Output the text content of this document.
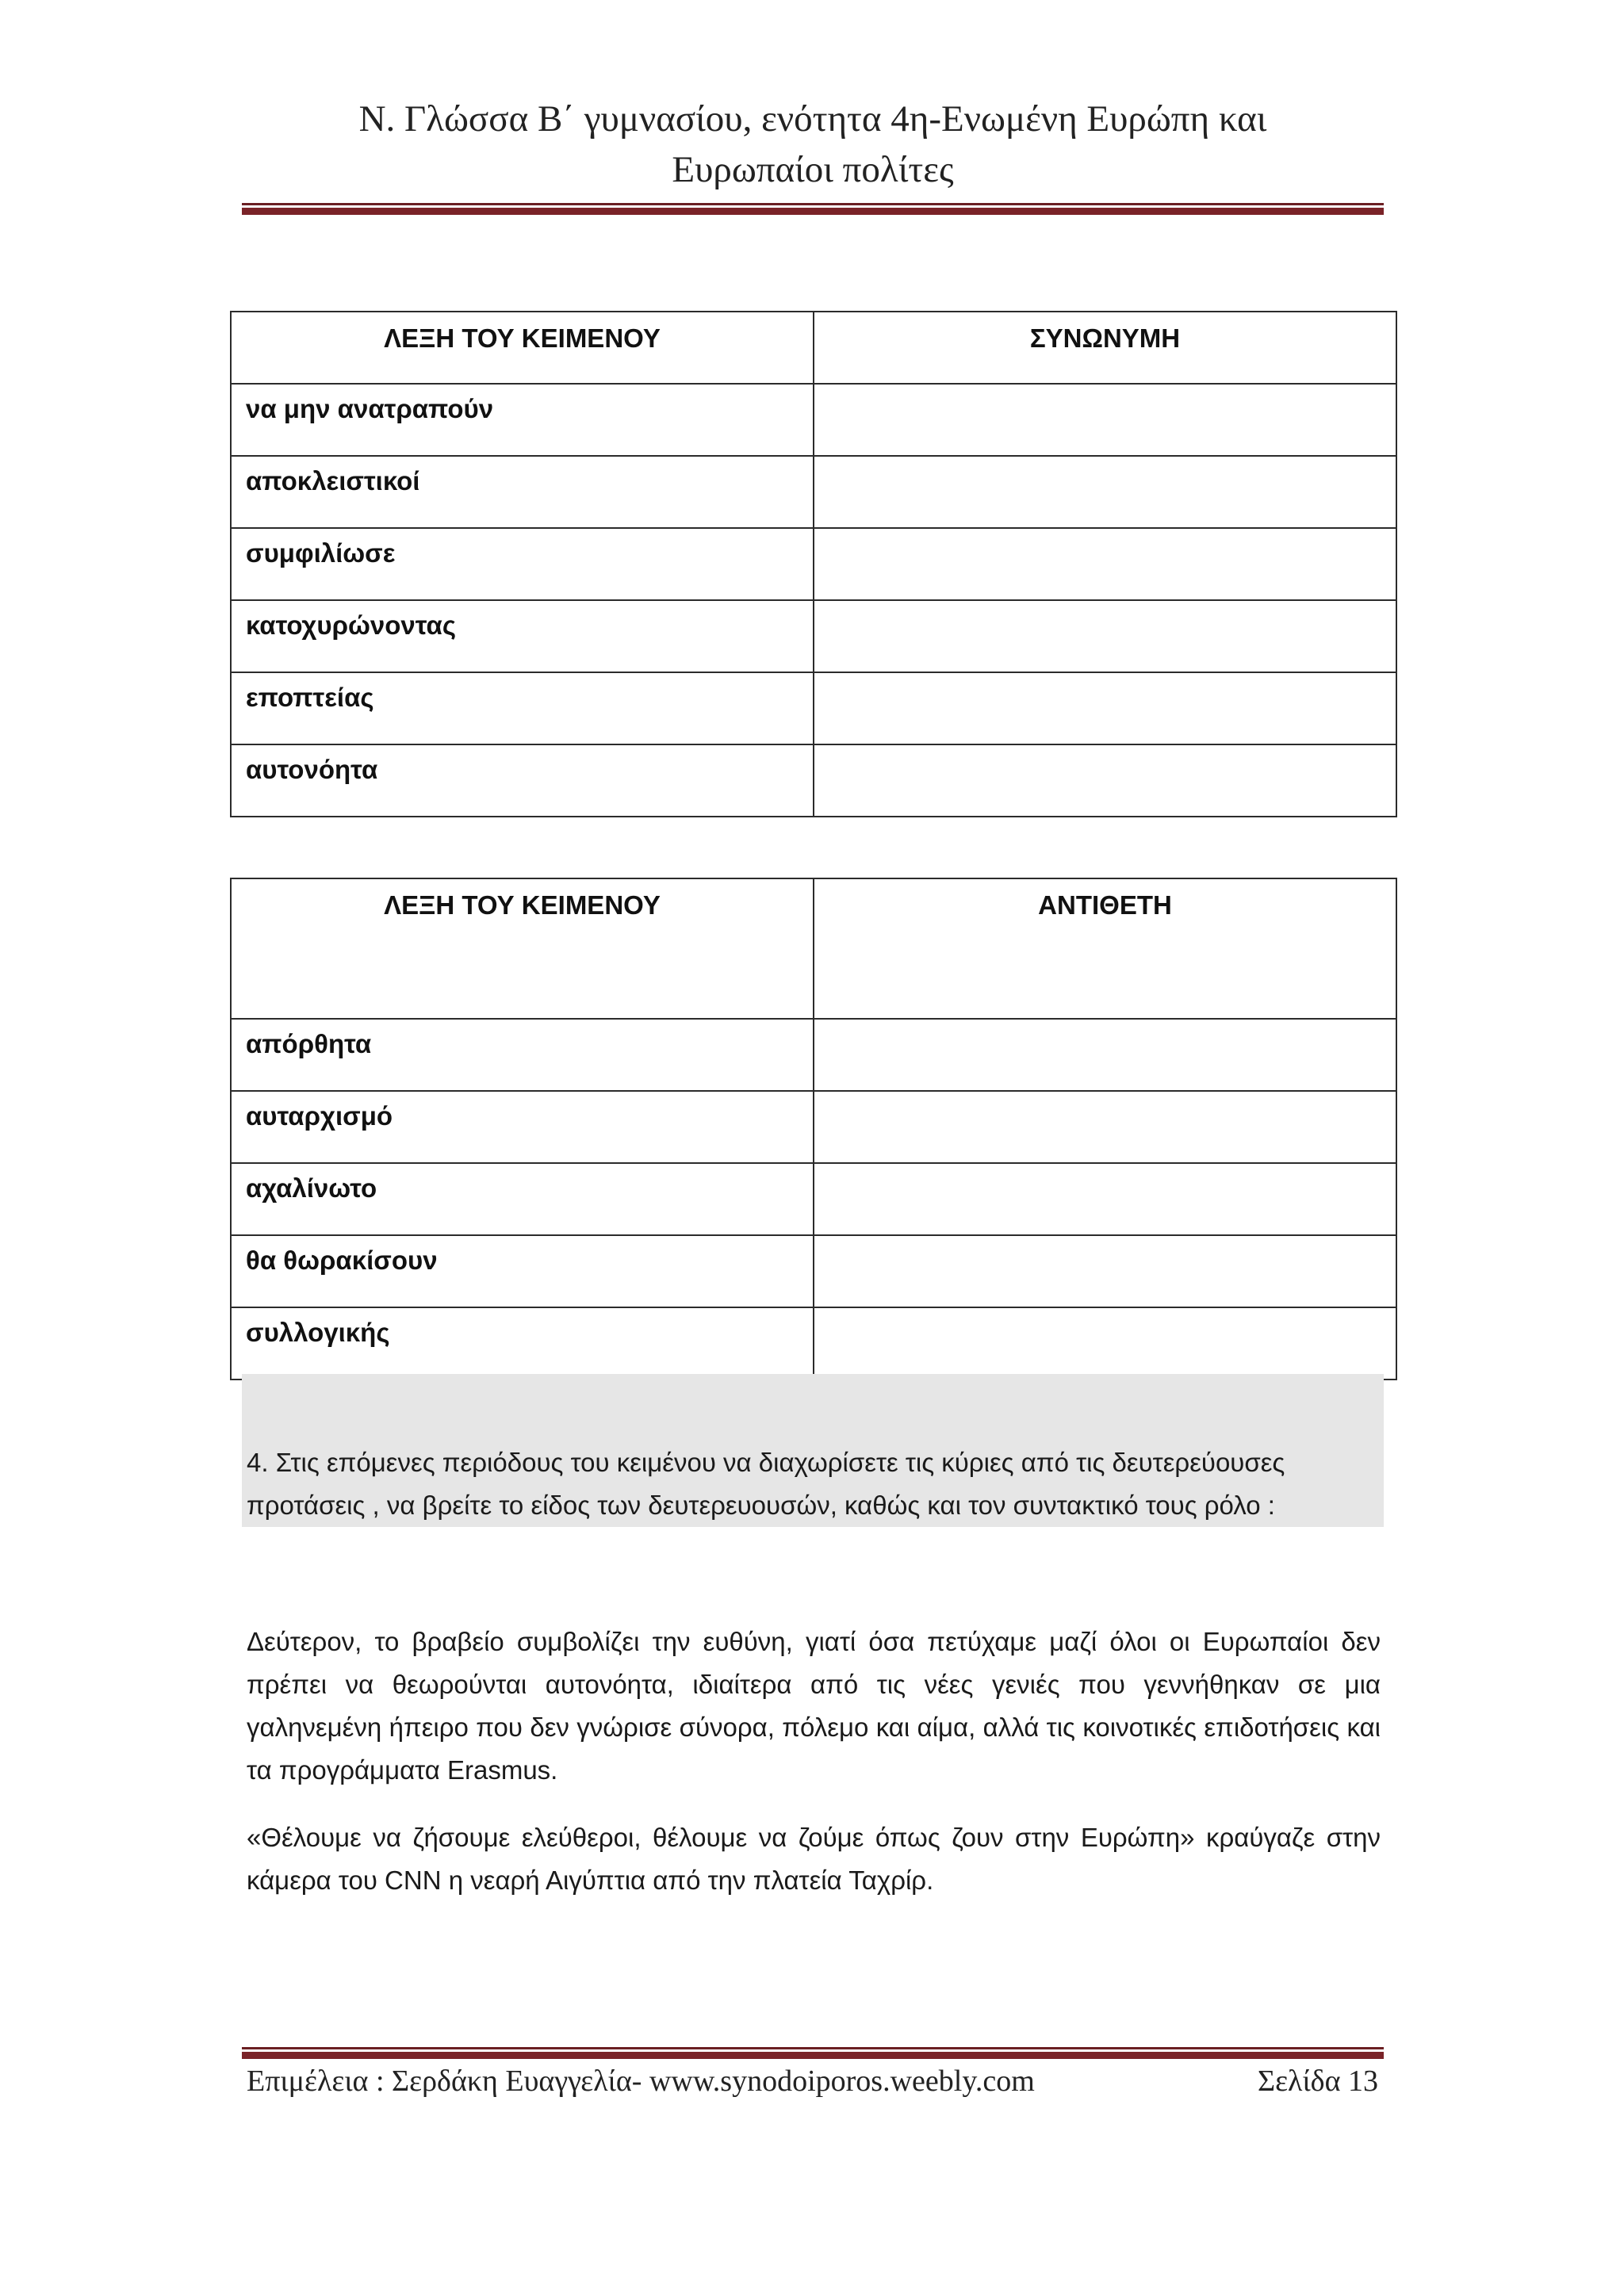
Ν. Γλώσσα Β΄ γυμνασίου, ενότητα 4η-Ενωμένη Ευρώπη και
Ευρωπαίοι πολίτες
ΛΕΞΗ ΤΟΥ ΚΕΙΜΕΝΟΥ	ΣΥΝΩΝΥΜΗ
να μην ανατραπούν	
αποκλειστικοί	
συμφιλίωσε	
κατοχυρώνοντας	
εποπτείας	
αυτονόητα	
ΛΕΞΗ ΤΟΥ ΚΕΙΜΕΝΟΥ	ΑΝΤΙΘΕΤΗ
απόρθητα	
αυταρχισμό	
αχαλίνωτο	
θα θωρακίσουν	
συλλογικής	
4. Στις επόμενες περιόδους του κειμένου να διαχωρίσετε τις κύριες από τις δευτερεύουσες
προτάσεις , να βρείτε το είδος των δευτερευουσών, καθώς και τον συντακτικό τους ρόλο :

Δεύτερον, το βραβείο συμβολίζει την ευθύνη, γιατί όσα πετύχαμε μαζί όλοι οι Ευρωπαίοι δεν πρέπει να θεωρούνται αυτονόητα, ιδιαίτερα από τις νέες γενιές που γεννήθηκαν σε μια γαληνεμένη ήπειρο που δεν γνώρισε σύνορα, πόλεμο και αίμα, αλλά τις κοινοτικές επιδοτήσεις και τα προγράμματα Erasmus.

«Θέλουμε να ζήσουμε ελεύθεροι, θέλουμε να ζούμε όπως ζουν στην Ευρώπη» κραύγαζε στην κάμερα του CNN η νεαρή Αιγύπτια από την πλατεία Ταχρίρ.

Επιμέλεια : Σερδάκη Ευαγγελία- www.synodoiporos.weebly.com	Σελίδα 13
